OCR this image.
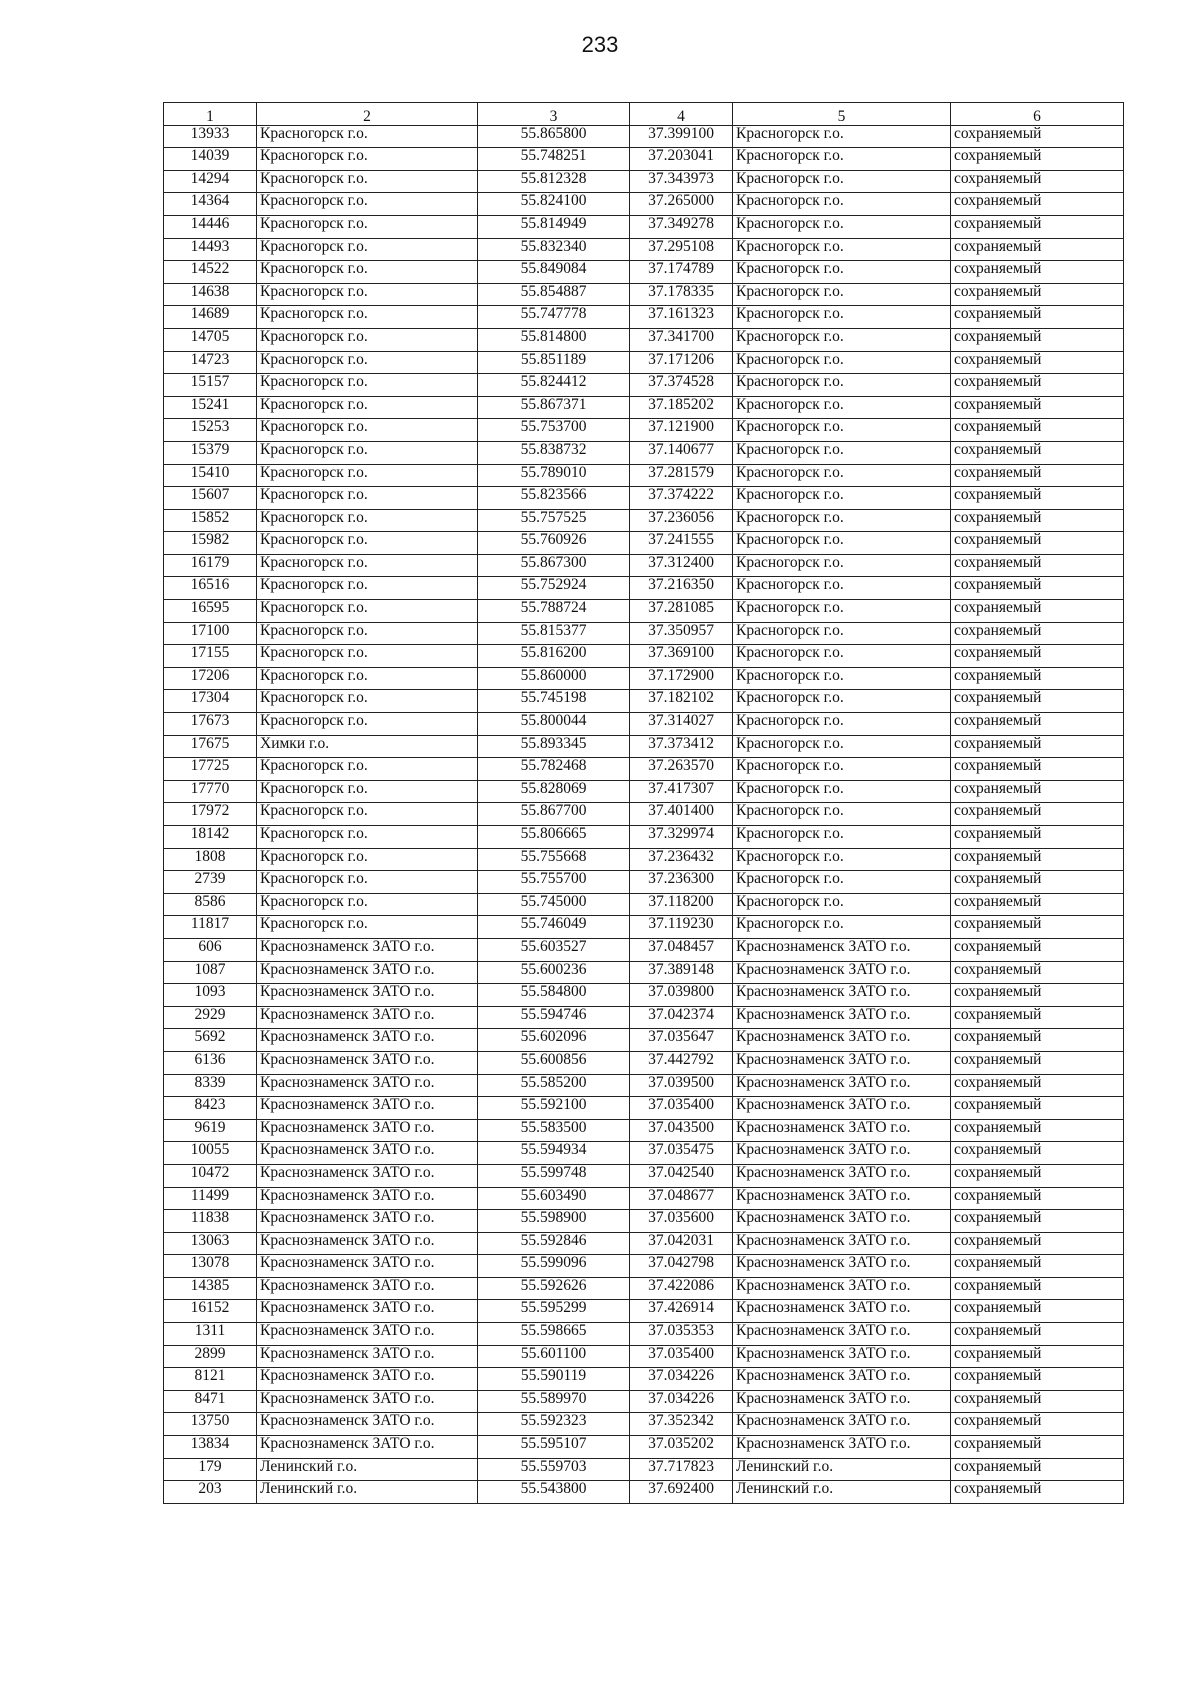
233
1	2	3	4	5	6
13933	Красногорск г.о.	55.865800	37.399100	Красногорск г.о.	сохраняемый
14039	Красногорск г.о.	55.748251	37.203041	Красногорск г.о.	сохраняемый
14294	Красногорск г.о.	55.812328	37.343973	Красногорск г.о.	сохраняемый
14364	Красногорск г.о.	55.824100	37.265000	Красногорск г.о.	сохраняемый
14446	Красногорск г.о.	55.814949	37.349278	Красногорск г.о.	сохраняемый
14493	Красногорск г.о.	55.832340	37.295108	Красногорск г.о.	сохраняемый
14522	Красногорск г.о.	55.849084	37.174789	Красногорск г.о.	сохраняемый
14638	Красногорск г.о.	55.854887	37.178335	Красногорск г.о.	сохраняемый
14689	Красногорск г.о.	55.747778	37.161323	Красногорск г.о.	сохраняемый
14705	Красногорск г.о.	55.814800	37.341700	Красногорск г.о.	сохраняемый
14723	Красногорск г.о.	55.851189	37.171206	Красногорск г.о.	сохраняемый
15157	Красногорск г.о.	55.824412	37.374528	Красногорск г.о.	сохраняемый
15241	Красногорск г.о.	55.867371	37.185202	Красногорск г.о.	сохраняемый
15253	Красногорск г.о.	55.753700	37.121900	Красногорск г.о.	сохраняемый
15379	Красногорск г.о.	55.838732	37.140677	Красногорск г.о.	сохраняемый
15410	Красногорск г.о.	55.789010	37.281579	Красногорск г.о.	сохраняемый
15607	Красногорск г.о.	55.823566	37.374222	Красногорск г.о.	сохраняемый
15852	Красногорск г.о.	55.757525	37.236056	Красногорск г.о.	сохраняемый
15982	Красногорск г.о.	55.760926	37.241555	Красногорск г.о.	сохраняемый
16179	Красногорск г.о.	55.867300	37.312400	Красногорск г.о.	сохраняемый
16516	Красногорск г.о.	55.752924	37.216350	Красногорск г.о.	сохраняемый
16595	Красногорск г.о.	55.788724	37.281085	Красногорск г.о.	сохраняемый
17100	Красногорск г.о.	55.815377	37.350957	Красногорск г.о.	сохраняемый
17155	Красногорск г.о.	55.816200	37.369100	Красногорск г.о.	сохраняемый
17206	Красногорск г.о.	55.860000	37.172900	Красногорск г.о.	сохраняемый
17304	Красногорск г.о.	55.745198	37.182102	Красногорск г.о.	сохраняемый
17673	Красногорск г.о.	55.800044	37.314027	Красногорск г.о.	сохраняемый
17675	Химки г.о.	55.893345	37.373412	Красногорск г.о.	сохраняемый
17725	Красногорск г.о.	55.782468	37.263570	Красногорск г.о.	сохраняемый
17770	Красногорск г.о.	55.828069	37.417307	Красногорск г.о.	сохраняемый
17972	Красногорск г.о.	55.867700	37.401400	Красногорск г.о.	сохраняемый
18142	Красногорск г.о.	55.806665	37.329974	Красногорск г.о.	сохраняемый
1808	Красногорск г.о.	55.755668	37.236432	Красногорск г.о.	сохраняемый
2739	Красногорск г.о.	55.755700	37.236300	Красногорск г.о.	сохраняемый
8586	Красногорск г.о.	55.745000	37.118200	Красногорск г.о.	сохраняемый
11817	Красногорск г.о.	55.746049	37.119230	Красногорск г.о.	сохраняемый
606	Краснознаменск ЗАТО г.о.	55.603527	37.048457	Краснознаменск ЗАТО г.о.	сохраняемый
1087	Краснознаменск ЗАТО г.о.	55.600236	37.389148	Краснознаменск ЗАТО г.о.	сохраняемый
1093	Краснознаменск ЗАТО г.о.	55.584800	37.039800	Краснознаменск ЗАТО г.о.	сохраняемый
2929	Краснознаменск ЗАТО г.о.	55.594746	37.042374	Краснознаменск ЗАТО г.о.	сохраняемый
5692	Краснознаменск ЗАТО г.о.	55.602096	37.035647	Краснознаменск ЗАТО г.о.	сохраняемый
6136	Краснознаменск ЗАТО г.о.	55.600856	37.442792	Краснознаменск ЗАТО г.о.	сохраняемый
8339	Краснознаменск ЗАТО г.о.	55.585200	37.039500	Краснознаменск ЗАТО г.о.	сохраняемый
8423	Краснознаменск ЗАТО г.о.	55.592100	37.035400	Краснознаменск ЗАТО г.о.	сохраняемый
9619	Краснознаменск ЗАТО г.о.	55.583500	37.043500	Краснознаменск ЗАТО г.о.	сохраняемый
10055	Краснознаменск ЗАТО г.о.	55.594934	37.035475	Краснознаменск ЗАТО г.о.	сохраняемый
10472	Краснознаменск ЗАТО г.о.	55.599748	37.042540	Краснознаменск ЗАТО г.о.	сохраняемый
11499	Краснознаменск ЗАТО г.о.	55.603490	37.048677	Краснознаменск ЗАТО г.о.	сохраняемый
11838	Краснознаменск ЗАТО г.о.	55.598900	37.035600	Краснознаменск ЗАТО г.о.	сохраняемый
13063	Краснознаменск ЗАТО г.о.	55.592846	37.042031	Краснознаменск ЗАТО г.о.	сохраняемый
13078	Краснознаменск ЗАТО г.о.	55.599096	37.042798	Краснознаменск ЗАТО г.о.	сохраняемый
14385	Краснознаменск ЗАТО г.о.	55.592626	37.422086	Краснознаменск ЗАТО г.о.	сохраняемый
16152	Краснознаменск ЗАТО г.о.	55.595299	37.426914	Краснознаменск ЗАТО г.о.	сохраняемый
1311	Краснознаменск ЗАТО г.о.	55.598665	37.035353	Краснознаменск ЗАТО г.о.	сохраняемый
2899	Краснознаменск ЗАТО г.о.	55.601100	37.035400	Краснознаменск ЗАТО г.о.	сохраняемый
8121	Краснознаменск ЗАТО г.о.	55.590119	37.034226	Краснознаменск ЗАТО г.о.	сохраняемый
8471	Краснознаменск ЗАТО г.о.	55.589970	37.034226	Краснознаменск ЗАТО г.о.	сохраняемый
13750	Краснознаменск ЗАТО г.о.	55.592323	37.352342	Краснознаменск ЗАТО г.о.	сохраняемый
13834	Краснознаменск ЗАТО г.о.	55.595107	37.035202	Краснознаменск ЗАТО г.о.	сохраняемый
179	Ленинский г.о.	55.559703	37.717823	Ленинский г.о.	сохраняемый
203	Ленинский г.о.	55.543800	37.692400	Ленинский г.о.	сохраняемый
